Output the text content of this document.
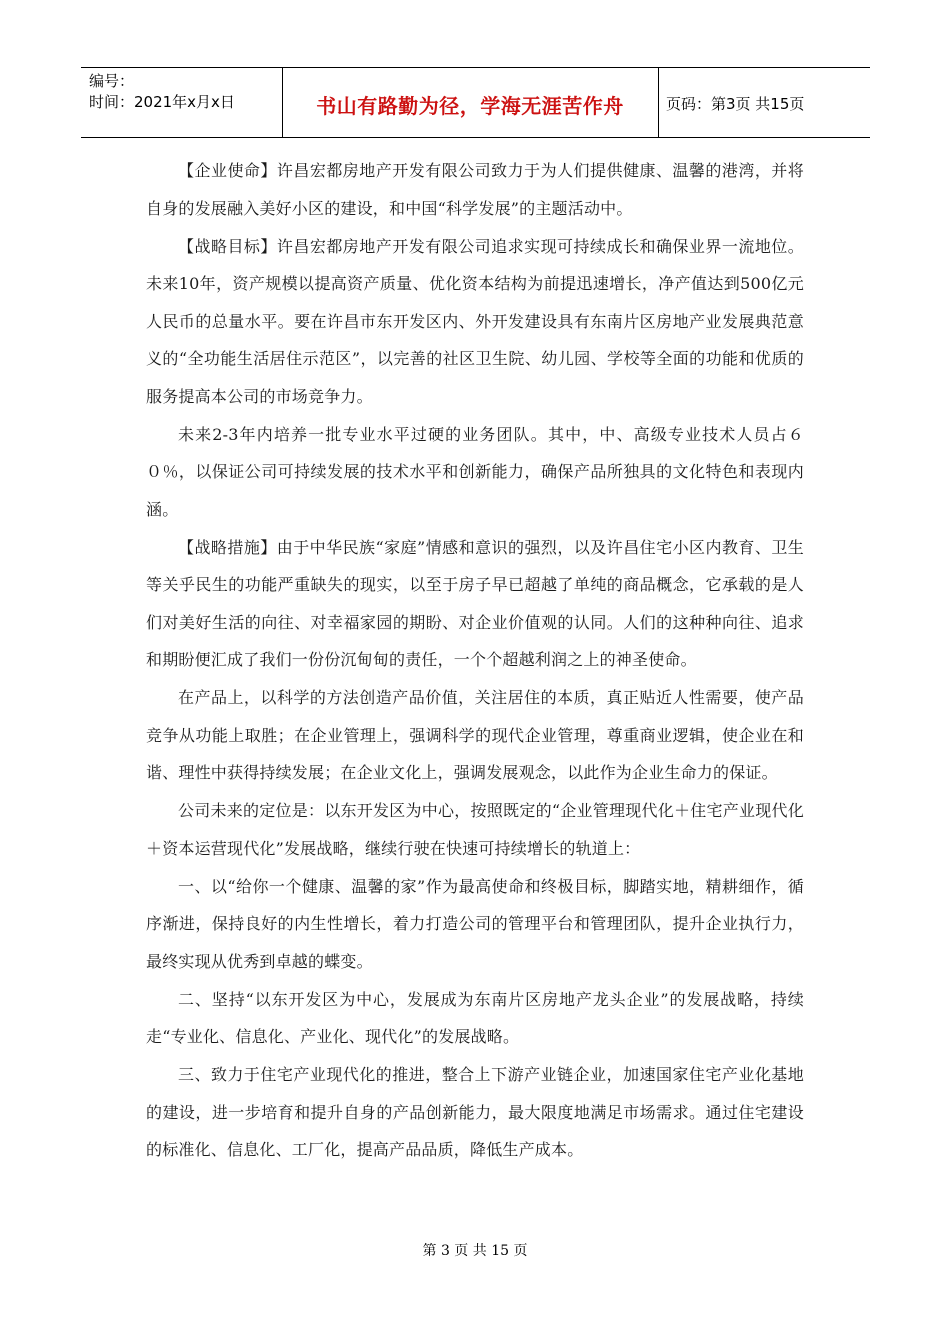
编号：
时间：2021年x月x日	书山有路勤为径，学海无涯苦作舟	页码：第3页 共15页

【企业使命】许昌宏都房地产开发有限公司致力于为人们提供健康、温馨的港湾，并将自身的发展融入美好小区的建设，和中国“科学发展”的主题活动中。

【战略目标】许昌宏都房地产开发有限公司追求实现可持续成长和确保业界一流地位。未来10年，资产规模以提高资产质量、优化资本结构为前提迅速增长，净产值达到500亿元人民币的总量水平。要在许昌市东开发区内、外开发建设具有东南片区房地产业发展典范意义的“全功能生活居住示范区”，以完善的社区卫生院、幼儿园、学校等全面的功能和优质的服务提高本公司的市场竞争力。

未来2-3年内培养一批专业水平过硬的业务团队。其中，中、高级专业技术人员占６０％，以保证公司可持续发展的技术水平和创新能力，确保产品所独具的文化特色和表现内涵。

【战略措施】由于中华民族“家庭”情感和意识的强烈，以及许昌住宅小区内教育、卫生等关乎民生的功能严重缺失的现实，以至于房子早已超越了单纯的商品概念，它承载的是人们对美好生活的向往、对幸福家园的期盼、对企业价值观的认同。人们的这种种向往、追求和期盼便汇成了我们一份份沉甸甸的责任，一个个超越利润之上的神圣使命。

在产品上，以科学的方法创造产品价值，关注居住的本质，真正贴近人性需要，使产品竞争从功能上取胜；在企业管理上，强调科学的现代企业管理，尊重商业逻辑，使企业在和谐、理性中获得持续发展；在企业文化上，强调发展观念，以此作为企业生命力的保证。

公司未来的定位是：以东开发区为中心，按照既定的“企业管理现代化＋住宅产业现代化＋资本运营现代化”发展战略，继续行驶在快速可持续增长的轨道上：

一、以“给你一个健康、温馨的家”作为最高使命和终极目标，脚踏实地，精耕细作，循序渐进，保持良好的内生性增长，着力打造公司的管理平台和管理团队，提升企业执行力，最终实现从优秀到卓越的蝶变。

二、坚持“以东开发区为中心，发展成为东南片区房地产龙头企业”的发展战略，持续走“专业化、信息化、产业化、现代化”的发展战略。

三、致力于住宅产业现代化的推进，整合上下游产业链企业，加速国家住宅产业化基地的建设，进一步培育和提升自身的产品创新能力，最大限度地满足市场需求。通过住宅建设的标准化、信息化、工厂化，提高产品品质，降低生产成本。

第 3 页 共 15 页
